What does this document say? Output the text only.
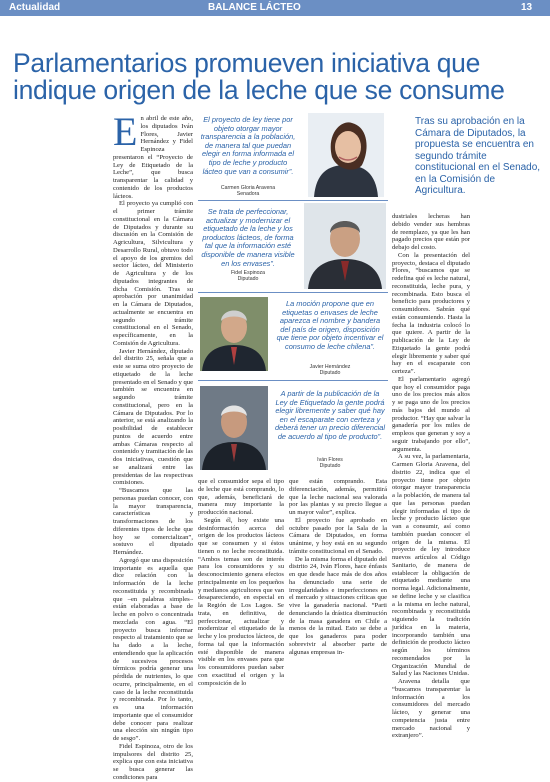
Actualidad	BALANCE LÁCTEO	13
Parlamentarios promueven iniciativa que indique origen de la leche que se consume
E n abril de este año, los diputados Iván Flores, Javier Hernández y Fidel Espinoza presentaron el “Proyecto de Ley de Etiquetado de la Leche”, que busca transparentar la calidad y contenido de los productos lácteos.

El proyecto ya cumplió con el primer trámite constitucional en la Cámara de Diputados y durante su discusión en la Comisión de Agricultura, Silvicultura y Desarrollo Rural, obtuvo todo el apoyo de los gremios del sector lácteo, del Ministerio de Agricultura y de los diputados integrantes de dicha Comisión. Tras su aprobación por unanimidad en la Cámara de Diputados, actualmente se encuentra en segundo trámite constitucional en el Senado, específicamente, en la Comisión de Agricultura.

Javier Hernández, diputado del distrito 25, señala que a este se suma otro proyecto de etiquetado de la leche presentado en el Senado y que también se encuentra en segundo trámite constitucional, pero en la Cámara de Diputados. Por lo anterior, se está analizando la posibilidad de establecer puntos de acuerdo entre ambas Cámaras respecto al contenido y tramitación de las dos iniciativas, cuestión que se analizará entre las presidentas de las respectivas comisiones.

“Buscamos que las personas puedan conocer, con la mayor transparencia, características y transformaciones de los diferentes tipos de leche que hoy se comercializan”, sostuvo el diputado Hernández.

Agregó que una disposición importante es aquella que dice relación con la información de la leche reconstituida y recombinada que –en palabras simples– están elaboradas a base de leche en polvo o concentrada mezclada con agua. “El proyecto busca informar respecto al tratamiento que se ha dado a la leche, entendiendo que la aplicación de sucesivos procesos térmicos podría generar una pérdida de nutrientes, lo que ocurre, principalmente, en el caso de la leche reconstituida y recombinada. Por lo tanto, es una información importante que el consumidor debe conocer para realizar una elección sin ningún tipo de sesgo”.

Fidel Espinoza, otro de los impulsores del distrito 25, explica que con esta iniciativa se busca generar las condiciones para

El proyecto de ley tiene por objeto otorgar mayor transparencia a la población, de manera tal que puedan elegir en forma informada el tipo de leche y producto lácteo que van a consumir”.
Carmen Gloria Aravena
Senadora
Se trata de perfeccionar, actualizar y modernizar el etiquetado de la leche y los productos lácteos, de forma tal que la información esté disponible de manera visible en los envases”.
Fidel Espinoza
Diputado
La moción propone que en etiquetas o envases de leche aparezca el nombre y bandera del país de origen, disposición que tiene por objeto incentivar el consumo de leche chilena”.
Javier Hernández
Diputado
A partir de la publicación de la Ley de Etiquetado la gente podrá elegir libremente y saber qué hay en el escaparate con certeza y deberá tener un precio diferencial de acuerdo al tipo de producto”.
Iván Flores
Diputado

que el consumidor sepa el tipo de leche que está comprando, lo que, además, beneficiará de manera muy importante la producción nacional.

Según él, hoy existe una desinformación acerca del origen de los productos lácteos que se consumen y si éstos tienen o no leche reconstituida. “Ambos temas son de interés para los consumidores y su desconocimiento genera efectos principalmente en los pequeños y medianos agricultores que van desapareciendo, en especial en la Región de Los Lagos. Se trata, en definitiva, de perfeccionar, actualizar y modernizar el etiquetado de la leche y los productos lácteos, de forma tal que la información esté disponible de manera visible en los envases para que los consumidores puedan saber con exactitud el origen y la composición de lo

que están comprando. Esta diferenciación, además, permitirá que la leche nacional sea valorada por las plantas y su precio llegue a un mayor valor”, explica.

El proyecto fue aprobado en octubre pasado por la Sala de la Cámara de Diputados, en forma unánime, y hoy está en su segundo trámite constitucional en el Senado.

De la misma forma el diputado del distrito 24, Iván Flores, hace énfasis en que desde hace más de dos años ha denunciado una serie de irregularidades e imperfecciones en el mercado y situaciones críticas que vive la ganadería nacional. “Parti denunciando la drástica disminución de la masa ganadera en Chile a menos de la mitad. Esto se debe a que los ganaderos para poder sobrevivir al absorber parte de algunas empresas in-

Tras su aprobación en la Cámara de Diputados, la propuesta se encuentra en segundo trámite constitucional en el Senado, en la Comisión de Agricultura.

dustriales lecheras han debido vender sus hembras de reemplazo, ya que les han pagado precios que están por debajo del costo.

Con la presentación del proyecto, destaca el diputado Flores, “buscamos que se redefina qué es leche natural, reconstituida, leche pura, y recombinada. Esto busca el beneficio para productores y consumidores. Sabrán qué están consumiendo. Hasta la fecha la industria colocó lo que quiere. A partir de la publicación de la Ley de Etiquetado la gente podrá elegir libremente y saber qué hay en el escaparate con certeza”.

El parlamentario agregó que hoy el consumidor paga uno de los precios más altos y se paga uno de los precios más bajos del mundo al productor. “Hay que salvar la ganadería por los miles de empleos que generan y soy a seguir trabajando por ello”, argumenta.

A su vez, la parlamentaria, Carmen Gloria Aravena, del distrito 22, indica que el proyecto tiene por objeto otorgar mayor transparencia a la población, de manera tal que las personas puedan elegir informadas el tipo de leche y producto lácteo que van a consumir, así como también puedan conocer el origen de la misma. El proyecto de ley introduce nuevos artículos al Código Sanitario, de manera de establecer la obligación de etiquetado mediante una norma legal. Adicionalmente, se define leche y se clasifica a la misma en leche natural, recombinada y reconstituida siguiendo la tradición jurídica en la materia, incorporando también una definición de producto lácteo según los términos recomendados por la Organización Mundial de Salud y las Naciones Unidas.

Aravena detalla que “buscamos transparentar la información a los consumidores del mercado lácteo, y generar una competencia justa entre mercado nacional y extranjero”.
